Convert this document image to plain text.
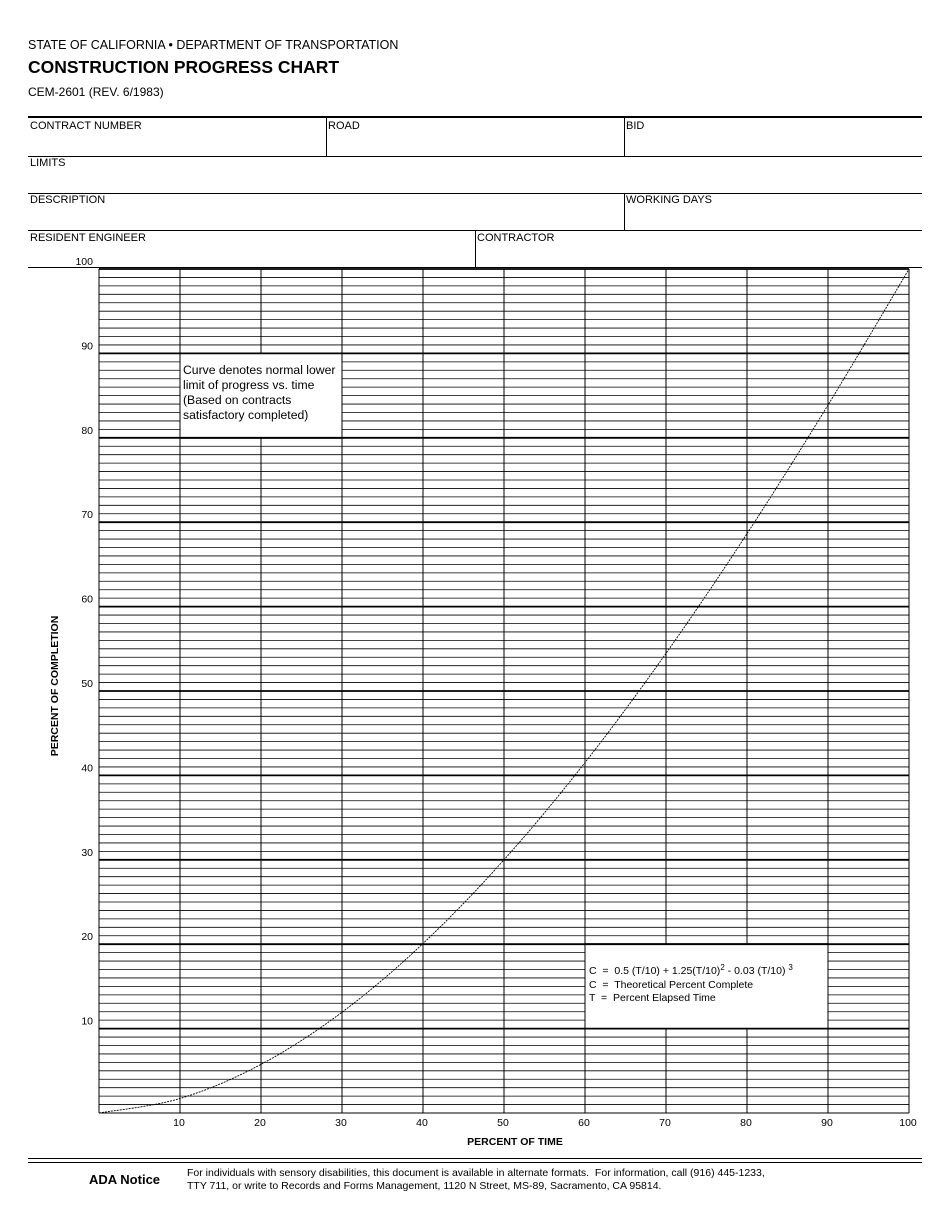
STATE OF CALIFORNIA • DEPARTMENT OF TRANSPORTATION
CONSTRUCTION PROGRESS CHART
CEM-2601 (REV. 6/1983)
CONTRACT NUMBER	ROAD	BID
LIMITS
DESCRIPTION	WORKING DAYS
RESIDENT ENGINEER	CONTRACTOR
10
20
30
40
50
60
70
80
90
100
10	20	30	40	50	60	70	80	90	100
PERCENT OF TIME
PERCENT OF COMPLETION
Curve denotes normal lower
limit of progress vs. time
(Based on contracts
satisfactory completed)
C  =  0.5 $(T/10) + 1.25(T/10)^2 - 0.03$ (T/10) $^3$
C  =  Theoretical Percent Complete
T  =  Percent Elapsed Time
ADA Notice	For individuals with sensory disabilities, this document is available in alternate formats.  For information, call (916) 445-1233,
TTY 711, or write to Records and Forms Management, 1120 N Street, MS-89, Sacramento, CA 95814.
